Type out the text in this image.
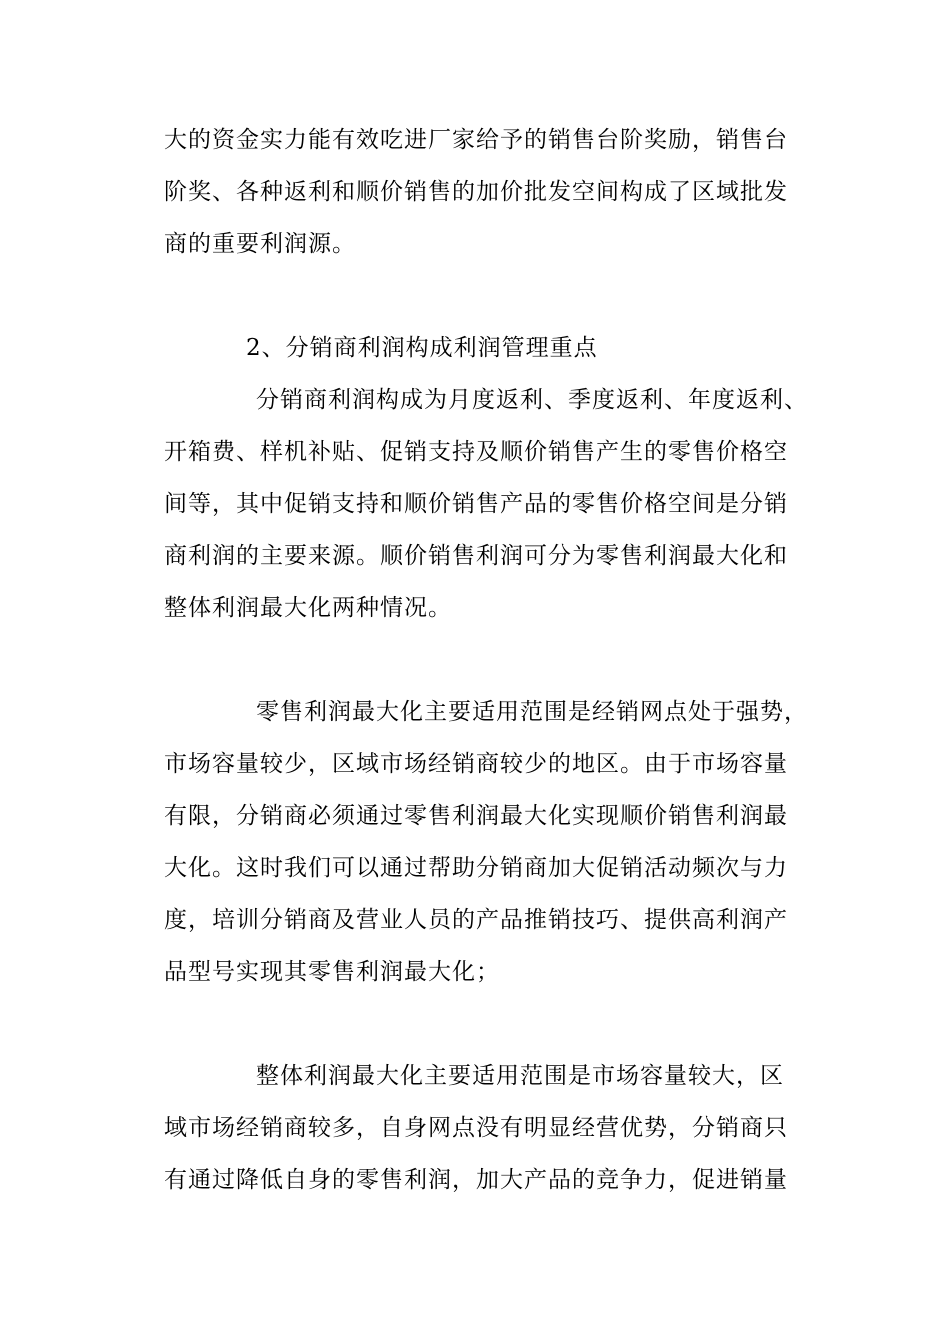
大的资金实力能有效吃进厂家给予的销售台阶奖励，销售台
阶奖、各种返利和顺价销售的加价批发空间构成了区域批发
商的重要利润源。
2、分销商利润构成利润管理重点
分销商利润构成为月度返利、季度返利、年度返利、
开箱费、样机补贴、促销支持及顺价销售产生的零售价格空
间等，其中促销支持和顺价销售产品的零售价格空间是分销
商利润的主要来源。顺价销售利润可分为零售利润最大化和
整体利润最大化两种情况。
零售利润最大化主要适用范围是经销网点处于强势，
市场容量较少，区域市场经销商较少的地区。由于市场容量
有限，分销商必须通过零售利润最大化实现顺价销售利润最
大化。这时我们可以通过帮助分销商加大促销活动频次与力
度，培训分销商及营业人员的产品推销技巧、提供高利润产
品型号实现其零售利润最大化；
整体利润最大化主要适用范围是市场容量较大，区
域市场经销商较多，自身网点没有明显经营优势，分销商只
有通过降低自身的零售利润，加大产品的竞争力，促进销量
